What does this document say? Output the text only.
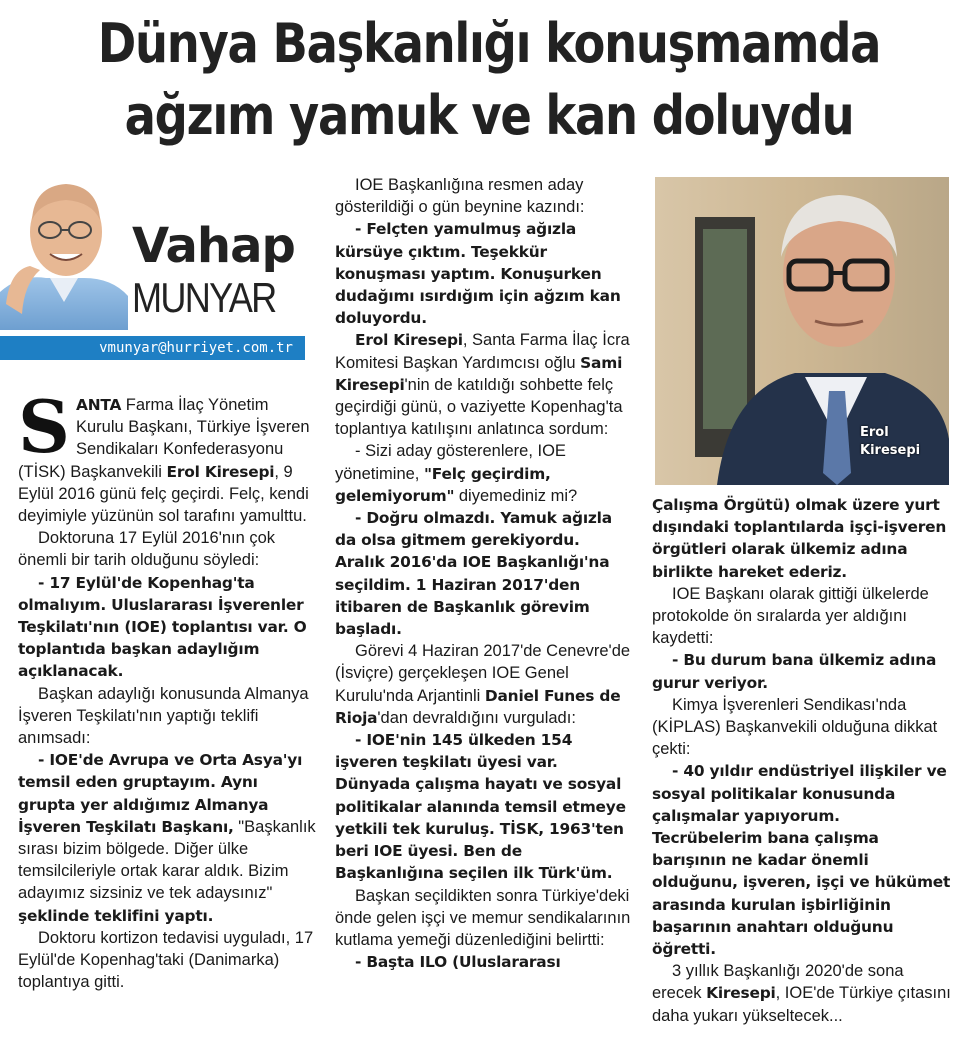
Dünya Başkanlığı konuşmamda
ağzım yamuk ve kan doluydu
Vahap
MUNYAR
vmunyar@hurriyet.com.tr
Erol
Kiresepi

SANTA Farma İlaç Yönetim Kurulu Başkanı, Türkiye İşveren Sendikaları Konfederasyonu (TİSK) Başkanvekili Erol Kiresepi, 9 Eylül 2016 günü felç geçirdi. Felç, kendi deyimiyle yüzünün sol tarafını yamulttu.

Doktoruna 17 Eylül 2016'nın çok önemli bir tarih olduğunu söyledi:

- 17 Eylül'de Kopenhag'ta olmalıyım. Uluslararası İşverenler Teşkilatı'nın (IOE) toplantısı var. O toplantıda başkan adaylığım açıklanacak.

Başkan adaylığı konusunda Almanya İşveren Teşkilatı'nın yaptığı teklifi anımsadı:

- IOE'de Avrupa ve Orta Asya'yı temsil eden gruptayım. Aynı grupta yer aldığımız Almanya İşveren Teşkilatı Başkanı, "Başkanlık sırası bizim bölgede. Diğer ülke temsilcileriyle ortak karar aldık. Bizim adayımız sizsiniz ve tek adaysınız" şeklinde teklifini yaptı.

Doktoru kortizon tedavisi uyguladı, 17 Eylül'de Kopenhag'taki (Danimarka) toplantıya gitti.

IOE Başkanlığına resmen aday gösterildiği o gün beynine kazındı:

- Felçten yamulmuş ağızla kürsüye çıktım. Teşekkür konuşması yaptım. Konuşurken dudağımı ısırdığım için ağzım kan doluyordu.

Erol Kiresepi, Santa Farma İlaç İcra Komitesi Başkan Yardımcısı oğlu Sami Kiresepi'nin de katıldığı sohbette felç geçirdiği günü, o vaziyette Kopenhag'ta toplantıya katılışını anlatınca sordum:

- Sizi aday gösterenlere, IOE yönetimine, "Felç geçirdim, gelemiyorum" diyemediniz mi?

- Doğru olmazdı. Yamuk ağızla da olsa gitmem gerekiyordu. Aralık 2016'da IOE Başkanlığı'na seçildim. 1 Haziran 2017'den itibaren de Başkanlık görevim başladı.

Görevi 4 Haziran 2017'de Cenevre'de (İsviçre) gerçekleşen IOE Genel Kurulu'nda Arjantinli Daniel Funes de Rioja'dan devraldığını vurguladı:

- IOE'nin 145 ülkeden 154 işveren teşkilatı üyesi var. Dünyada çalışma hayatı ve sosyal politikalar alanında temsil etmeye yetkili tek kuruluş. TİSK, 1963'ten beri IOE üyesi. Ben de Başkanlığına seçilen ilk Türk'üm.

Başkan seçildikten sonra Türkiye'deki önde gelen işçi ve memur sendikalarının kutlama yemeği düzenlediğini belirtti:

- Başta ILO (Uluslararası

Çalışma Örgütü) olmak üzere yurt dışındaki toplantılarda işçi-işveren örgütleri olarak ülkemiz adına birlikte hareket ederiz.

IOE Başkanı olarak gittiği ülkelerde protokolde ön sıralarda yer aldığını kaydetti:

- Bu durum bana ülkemiz adına gurur veriyor.

Kimya İşverenleri Sendikası'nda (KİPLAS) Başkanvekili olduğuna dikkat çekti:

- 40 yıldır endüstriyel ilişkiler ve sosyal politikalar konusunda çalışmalar yapıyorum. Tecrübelerim bana çalışma barışının ne kadar önemli olduğunu, işveren, işçi ve hükümet arasında kurulan işbirliğinin başarının anahtarı olduğunu öğretti.

3 yıllık Başkanlığı 2020'de sona erecek Kiresepi, IOE'de Türkiye çıtasını daha yukarı yükseltecek...
